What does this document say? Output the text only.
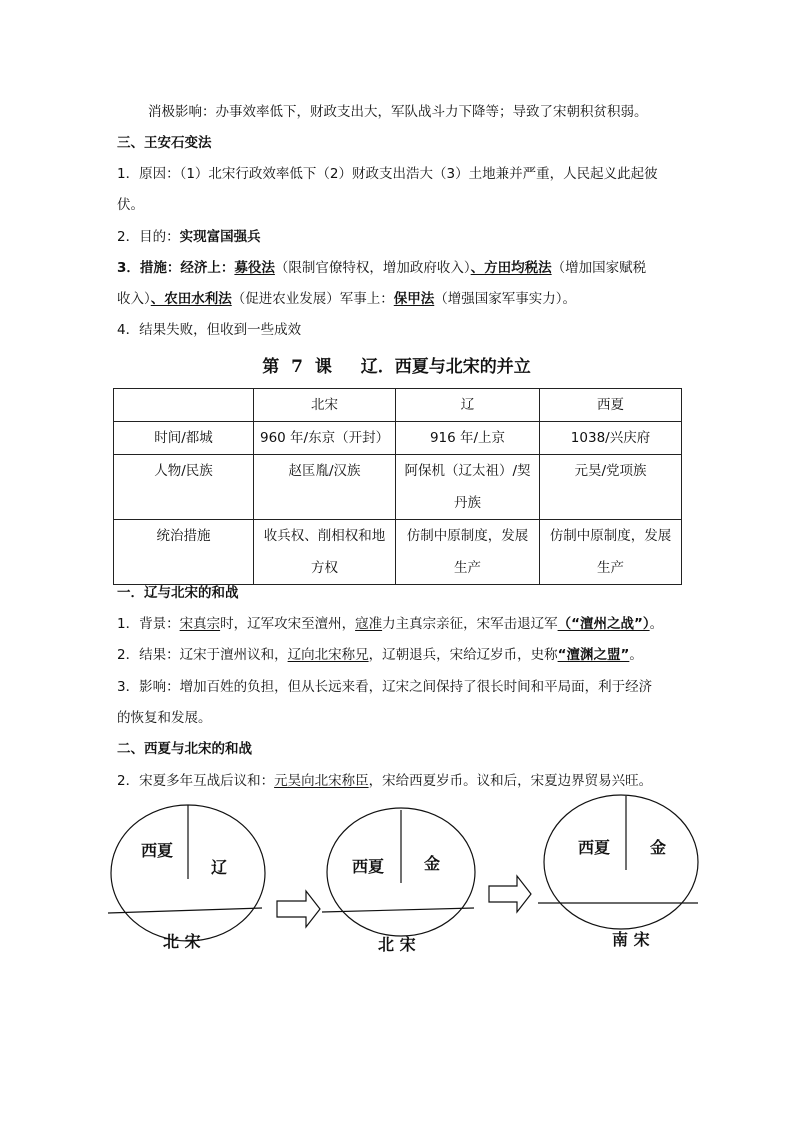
消极影响：办事效率低下，财政支出大，军队战斗力下降等；导致了宋朝积贫积弱。
三、王安石变法
1．原因：（1）北宋行政效率低下（2）财政支出浩大（3）土地兼并严重，人民起义此起彼
伏。
2．目的：实现富国强兵
3．措施：经济上：募役法（限制官僚特权，增加政府收入）、方田均税法（增加国家赋税
收入）、农田水利法（促进农业发展）军事上：保甲法（增强国家军事实力）。
4．结果失败，但收到一些成效
第 7 课　 辽．西夏与北宋的并立
	北宋	辽	西夏
时间/都城	960 年/东京（开封）	916 年/上京	1038/兴庆府
人物/民族	赵匡胤/汉族	阿保机（辽太祖）/契丹族	元昊/党项族
统治措施	收兵权、削相权和地方权	仿制中原制度，发展生产	仿制中原制度，发展生产
一．辽与北宋的和战
1．背景：宋真宗时，辽军攻宋至澶州，寇准力主真宗亲征，宋军击退辽军（“澶州之战”）。
2．结果：辽宋于澶州议和，辽向北宋称兄，辽朝退兵，宋给辽岁币，史称“澶渊之盟”。
3．影响：增加百姓的负担，但从长远来看，辽宋之间保持了很长时间和平局面，利于经济
的恢复和发展。
二、西夏与北宋的和战
2．宋夏多年互战后议和：元昊向北宋称臣，宋给西夏岁币。议和后，宋夏边界贸易兴旺。
西夏
辽
北 宋
西夏 金
北 宋
西夏 金
南 宋
